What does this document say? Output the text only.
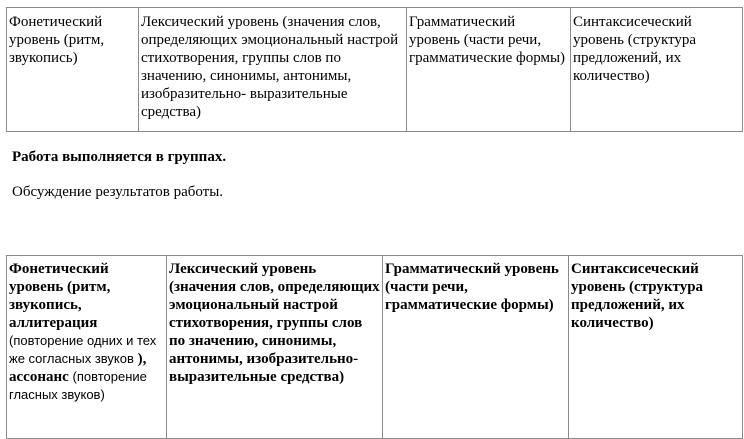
Фонетический уровень (ритм, звукопись)	Лексический уровень (значения слов, определяющих эмоциональный настрой стихотворения, группы слов по значению, синонимы, антонимы, изобразительно- выразительные средства)	Грамматический уровень (части речи, грамматические формы)	Синтаксисеческий уровень (структура предложений, их количество)

Работа выполняется в группах.

Обсуждение результатов работы.

Фонетический уровень (ритм, звукопись, аллитерация (повторение одних и тех же согласных звуков ), ассонанс (повторение гласных звуков)	Лексический уровень (значения слов, определяющих эмоциональный настрой стихотворения, группы слов по значению, синонимы, антонимы, изобразительно-выразительные средства)	Грамматический уровень (части речи, грамматические формы)	Синтаксисеческий уровень (структура предложений, их количество)
